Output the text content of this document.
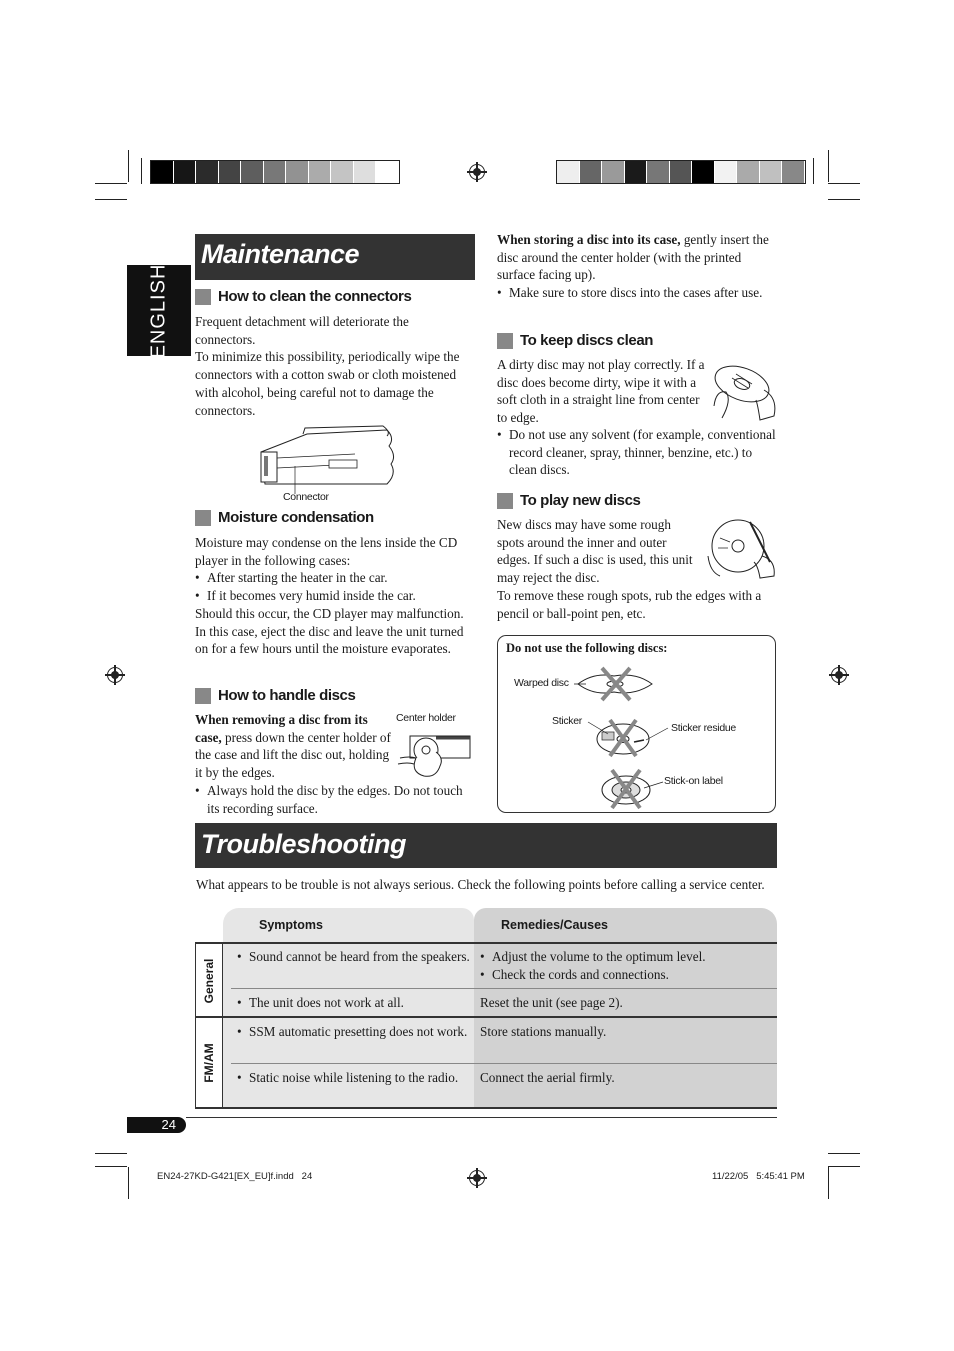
ENGLISH
Maintenance
How to clean the connectors

Frequent detachment will deteriorate the connectors.

To minimize this possibility, periodically wipe the connectors with a cotton swab or cloth moistened with alcohol, being careful not to damage the connectors.

Connector
Moisture condensation

Moisture may condense on the lens inside the CD player in the following cases:

• After starting the heater in the car.

• If it becomes very humid inside the car.

Should this occur, the CD player may malfunction. In this case, eject the disc and leave the unit turned on for a few hours until the moisture evaporates.

How to handle discs

When removing a disc from its case, press down the center holder of the case and lift the disc out, holding it by the edges.

• Always hold the disc by the edges. Do not touch its recording surface.

Center holder

When storing a disc into its case, gently insert the disc around the center holder (with the printed surface facing up).

• Make sure to store discs into the cases after use.

To keep discs clean

A dirty disc may not play correctly. If a disc does become dirty, wipe it with a soft cloth in a straight line from center to edge.

• Do not use any solvent (for example, conventional record cleaner, spray, thinner, benzine, etc.) to clean discs.

To play new discs

New discs may have some rough spots around the inner and outer edges. If such a disc is used, this unit may reject the disc.

To remove these rough spots, rub the edges with a pencil or ball-point pen, etc.

Do not use the following discs:
Warped disc
Sticker
Sticker residue
Stick-on label
Troubleshooting
What appears to be trouble is not always serious. Check the following points before calling a service center.
Symptoms	Remedies/Causes
General
FM/AM

• Sound cannot be heard from the speakers.

•	Adjust the volume to the optimum level.

• Check the cords and connections.

• The unit does not work at all.	Reset the unit (see page 2).

• SSM automatic presetting does not work. Store stations manually.

• Static noise while listening to the radio.	Connect the aerial firmly.

24
EN24-27KD-G421[EX_EU]f.indd   24	11/22/05   5:45:41 PM
